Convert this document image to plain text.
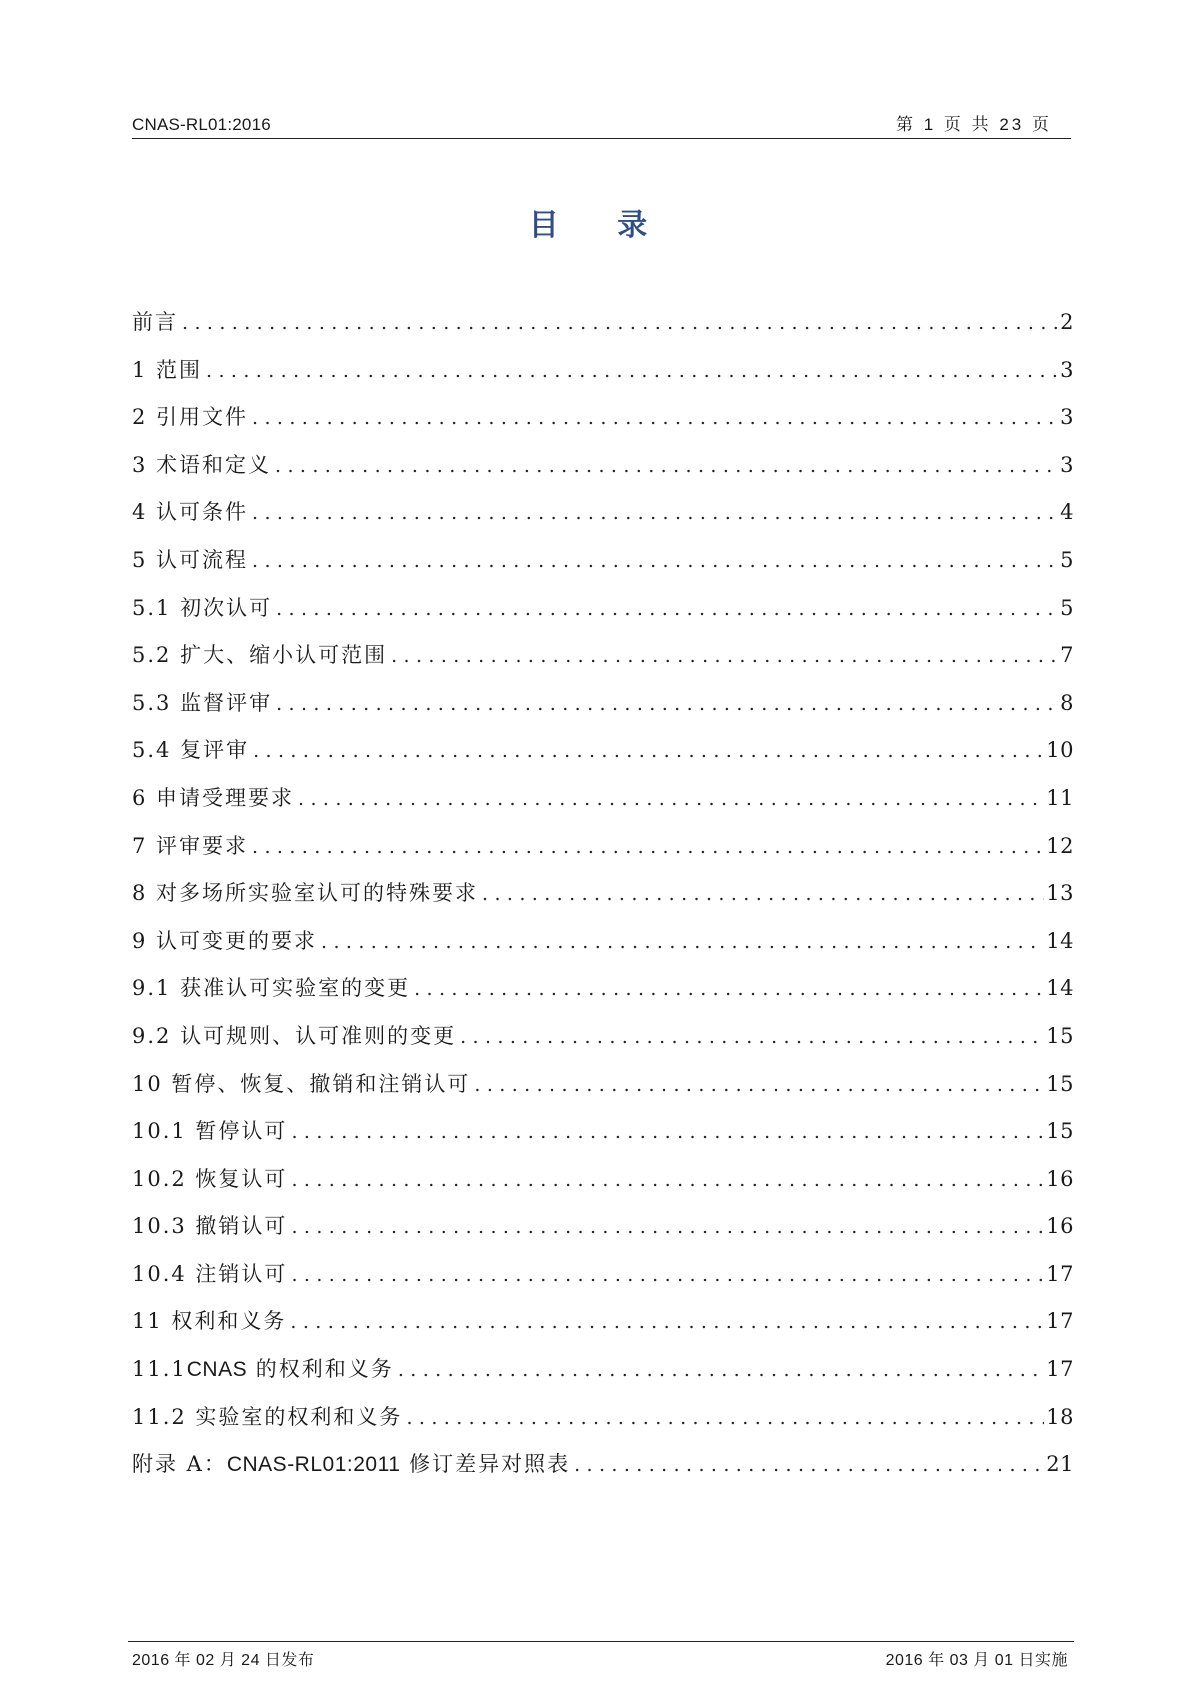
CNAS-RL01:2016	第 1 页 共 23 页
目 录
前言 .....	2
1 范围 .....	3
2 引用文件 .....	3
3 术语和定义 .....	3
4 认可条件 .....	4
5 认可流程 .....	5
5.1 初次认可 .....	5
5.2 扩大、缩小认可范围 .....	7
5.3 监督评审 .....	8
5.4 复评审 .....	10
6 申请受理要求 .....	11
7 评审要求 .....	12
8 对多场所实验室认可的特殊要求 .....	13
9 认可变更的要求 .....	14
9.1 获准认可实验室的变更 .....	14
9.2 认可规则、认可准则的变更 .....	15
10 暂停、恢复、撤销和注销认可 .....	15
10.1 暂停认可 .....	15
10.2 恢复认可 .....	16
10.3 撤销认可 .....	16
10.4 注销认可 .....	17
11 权利和义务 .....	17
11.1CNAS 的权利和义务 .....	17
11.2 实验室的权利和义务 .....	18
附录 A：CNAS-RL01:2011 修订差异对照表 .....	21
2016 年 02 月 24 日发布	2016 年 03 月 01 日实施
